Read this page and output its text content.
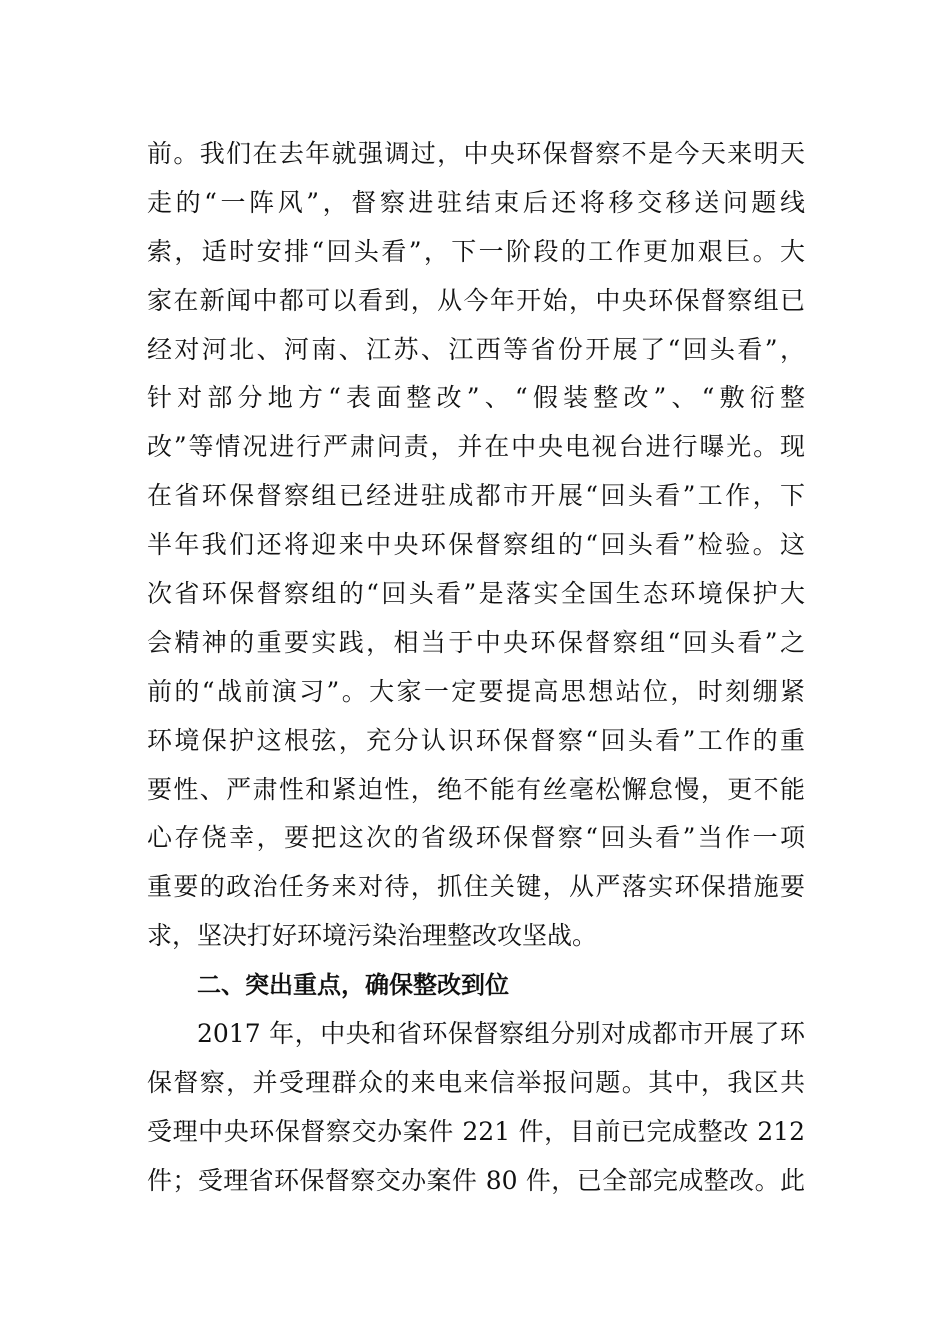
前。我们在去年就强调过，中央环保督察不是今天来明天
走的“一阵风”，督察进驻结束后还将移交移送问题线
索，适时安排“回头看”，下一阶段的工作更加艰巨。大
家在新闻中都可以看到，从今年开始，中央环保督察组已
经对河北、河南、江苏、江西等省份开展了“回头看”，
针对部分地方“表面整改”、“假装整改”、“敷衍整
改”等情况进行严肃问责，并在中央电视台进行曝光。现
在省环保督察组已经进驻成都市开展“回头看”工作，下
半年我们还将迎来中央环保督察组的“回头看”检验。这
次省环保督察组的“回头看”是落实全国生态环境保护大
会精神的重要实践，相当于中央环保督察组“回头看”之
前的“战前演习”。大家一定要提高思想站位，时刻绷紧
环境保护这根弦，充分认识环保督察“回头看”工作的重
要性、严肃性和紧迫性，绝不能有丝毫松懈怠慢，更不能
心存侥幸，要把这次的省级环保督察“回头看”当作一项
重要的政治任务来对待，抓住关键，从严落实环保措施要
求，坚决打好环境污染治理整改攻坚战。
二、突出重点，确保整改到位
2017 年，中央和省环保督察组分别对成都市开展了环
保督察，并受理群众的来电来信举报问题。其中，我区共
受理中央环保督察交办案件 221 件，目前已完成整改 212
件；受理省环保督察交办案件 80 件，已全部完成整改。此
